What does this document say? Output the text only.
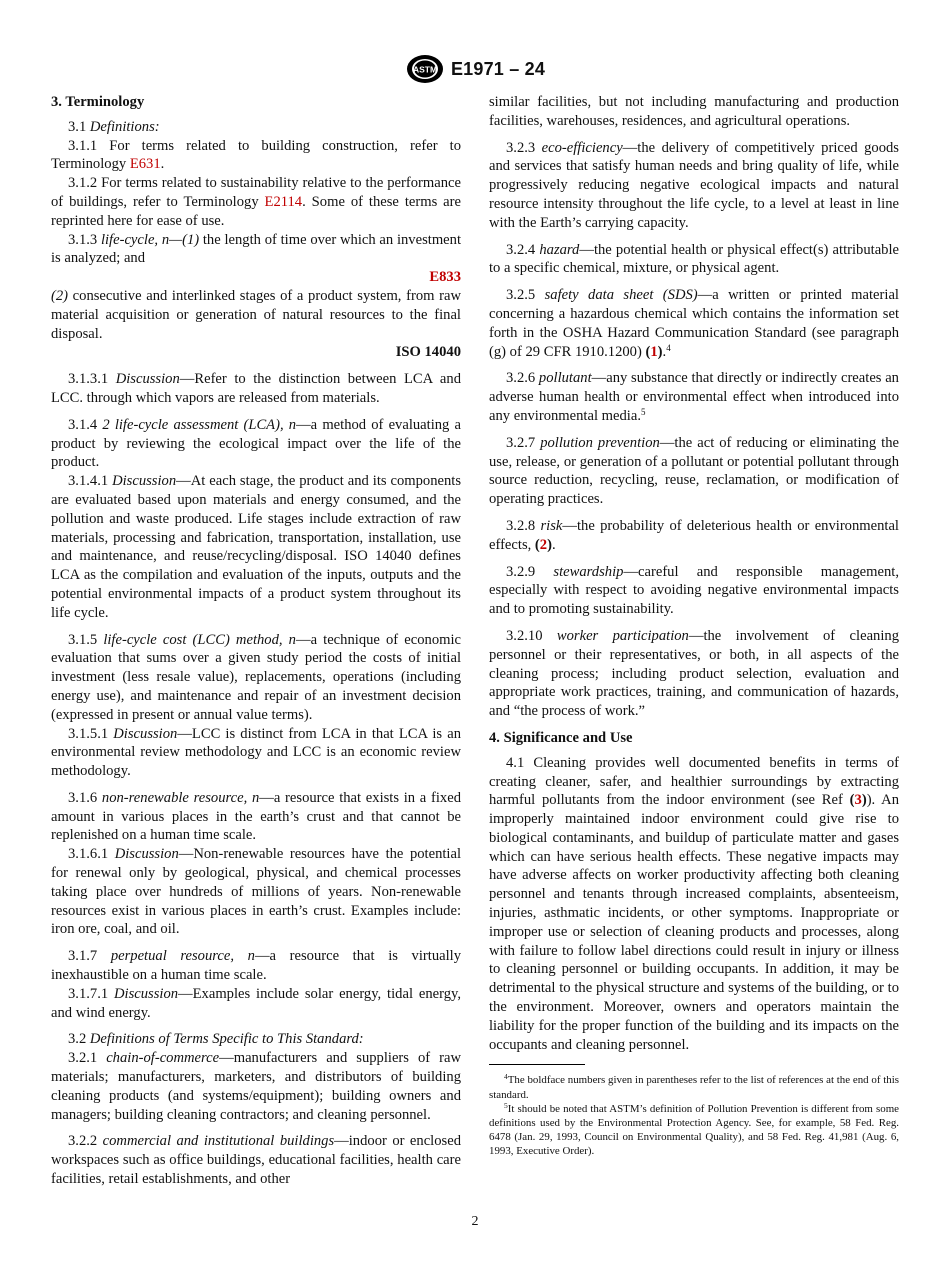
ASTM E1971 – 24
3. Terminology

3.1 Definitions:

3.1.1 For terms related to building construction, refer to Terminology E631.

3.1.2 For terms related to sustainability relative to the performance of buildings, refer to Terminology E2114. Some of these terms are reprinted here for ease of use.

3.1.3 life-cycle, n—(1) the length of time over which an investment is analyzed; and

E833
(2) consecutive and interlinked stages of a product system, from raw material acquisition or generation of natural resources to the final disposal.
ISO 14040

3.1.3.1 Discussion—Refer to the distinction between LCA and LCC. through which vapors are released from materials.

3.1.4 2 life-cycle assessment (LCA), n—a method of evaluating a product by reviewing the ecological impact over the life of the product.

3.1.4.1 Discussion—At each stage, the product and its components are evaluated based upon materials and energy consumed, and the pollution and waste produced. Life stages include extraction of raw materials, processing and fabrication, transportation, installation, use and maintenance, and reuse/recycling/disposal. ISO 14040 defines LCA as the compilation and evaluation of the inputs, outputs and the potential environmental impacts of a product system throughout its life cycle.

3.1.5 life-cycle cost (LCC) method, n—a technique of economic evaluation that sums over a given study period the costs of initial investment (less resale value), replacements, operations (including energy use), and maintenance and repair of an investment decision (expressed in present or annual value terms).

3.1.5.1 Discussion—LCC is distinct from LCA in that LCA is an environmental review methodology and LCC is an economic review methodology.

3.1.6 non-renewable resource, n—a resource that exists in a fixed amount in various places in the earth’s crust and that cannot be replenished on a human time scale.

3.1.6.1 Discussion—Non-renewable resources have the potential for renewal only by geological, physical, and chemical processes taking place over hundreds of millions of years. Non-renewable resources exist in various places in earth’s crust. Examples include: iron ore, coal, and oil.

3.1.7 perpetual resource, n—a resource that is virtually inexhaustible on a human time scale.

3.1.7.1 Discussion—Examples include solar energy, tidal energy, and wind energy.

3.2 Definitions of Terms Specific to This Standard:

3.2.1 chain-of-commerce—manufacturers and suppliers of raw materials; manufacturers, marketers, and distributors of building cleaning products (and systems/equipment); building owners and managers; building cleaning contractors; and cleaning personnel.

3.2.2 commercial and institutional buildings—indoor or enclosed workspaces such as office buildings, educational facilities, health care facilities, retail establishments, and other

similar facilities, but not including manufacturing and production facilities, warehouses, residences, and agricultural operations.

3.2.3 eco-efficiency—the delivery of competitively priced goods and services that satisfy human needs and bring quality of life, while progressively reducing negative ecological impacts and natural resource intensity throughout the life cycle, to a level at least in line with the Earth’s carrying capacity.

3.2.4 hazard—the potential health or physical effect(s) attributable to a specific chemical, mixture, or physical agent.

3.2.5 safety data sheet (SDS)—a written or printed material concerning a hazardous chemical which contains the information set forth in the OSHA Hazard Communication Standard (see paragraph (g) of 29 CFR 1910.1200) (1).$^4$

3.2.6 pollutant—any substance that directly or indirectly creates an adverse human health or environmental effect when introduced into any environmental media.$^5$

3.2.7 pollution prevention—the act of reducing or eliminating the use, release, or generation of a pollutant or potential pollutant through source reduction, recycling, reuse, reclamation, or modification of operating practices.

3.2.8 risk—the probability of deleterious health or environmental effects, (2).

3.2.9 stewardship—careful and responsible management, especially with respect to avoiding negative environmental impacts and to promoting sustainability.

3.2.10 worker participation—the involvement of cleaning personnel or their representatives, or both, in all aspects of the cleaning process; including product selection, evaluation and appropriate work practices, training, and communication of hazards, and “the process of work.”

4. Significance and Use

4.1 Cleaning provides well documented benefits in terms of creating cleaner, safer, and healthier surroundings by extracting harmful pollutants from the indoor environment (see Ref (3)). An improperly maintained indoor environment could give rise to biological contaminants, and buildup of particulate matter and gases which can have serious health effects. These negative impacts may have adverse affects on worker productivity affecting both cleaning personnel and tenants through increased complaints, absenteeism, injuries, asthmatic incidents, or other symptoms. Inappropriate or improper use or selection of cleaning products and processes, along with failure to follow label directions could result in injury or illness to cleaning personnel or building occupants. In addition, it may be detrimental to the physical structure and systems of the building, or to the environment. Moreover, owners and operators maintain the liability for the proper function of the building and its impacts on the occupants and cleaning personnel.

$^4$The boldface numbers given in parentheses refer to the list of references at the end of this standard.

$^5$It should be noted that ASTM’s definition of Pollution Prevention is different from some definitions used by the Environmental Protection Agency. See, for example, 58 Fed. Reg. 6478 (Jan. 29, 1993, Council on Environmental Quality), and 58 Fed. Reg. 41,981 (Aug. 6, 1993, Executive Order).

2
